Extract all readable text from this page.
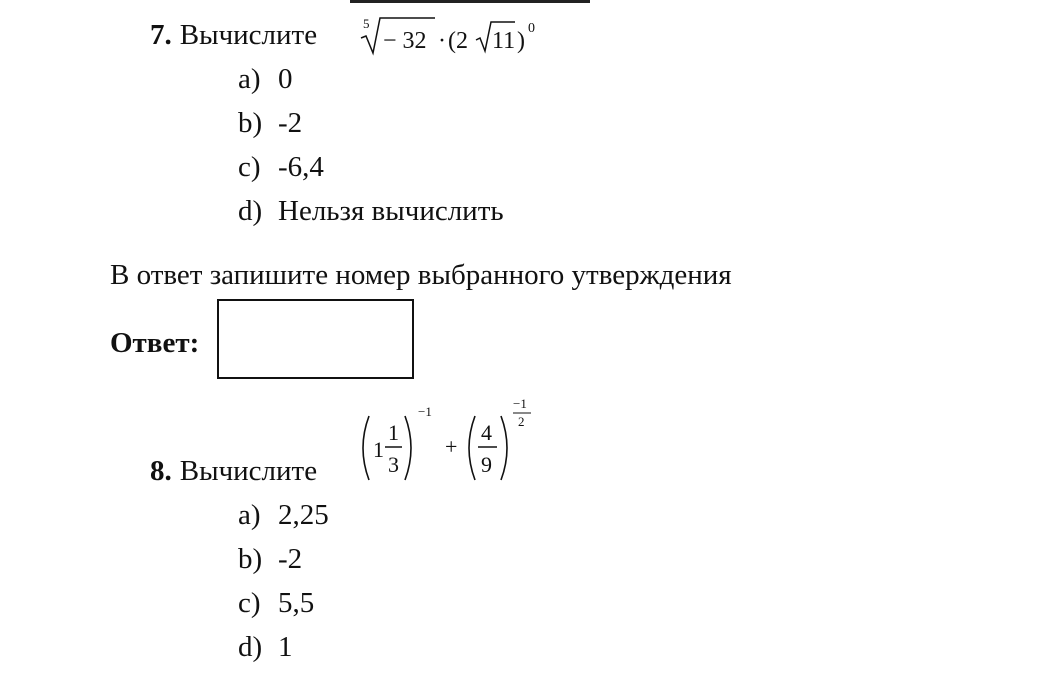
7. Вычислите	5
− 32 · (2 11 ) 0
a) 0
b) -2
c) -6,4
d) Нельзя вычислить
В ответ запишите номер выбранного утверждения
Ответ:
8. Вычислите
1
1
3
−1
+
4
9
−1
2
a) 2,25
b) -2
c) 5,5
d) 1
